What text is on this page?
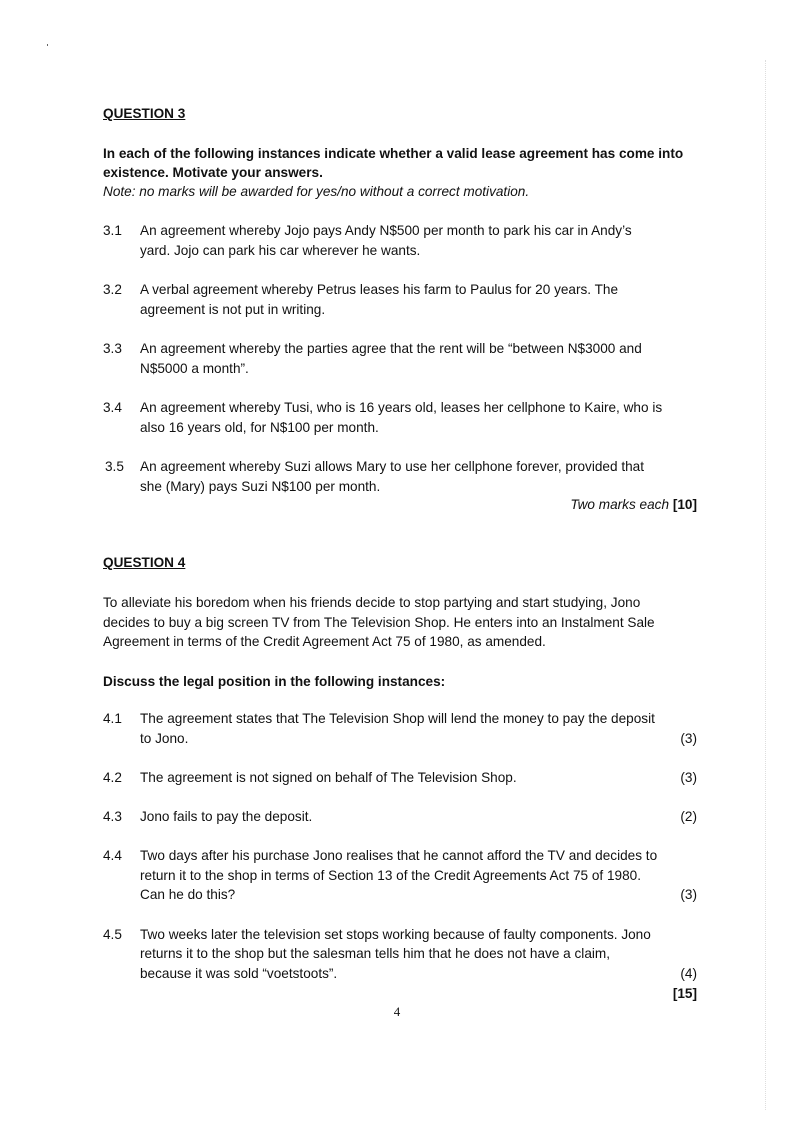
QUESTION 3
In each of the following instances indicate whether a valid lease agreement has come into
existence. Motivate your answers.
Note: no marks will be awarded for yes/no without a correct motivation.
3.1 An agreement whereby Jojo pays Andy N$500 per month to park his car in Andy’s
yard. Jojo can park his car wherever he wants.
3.2 A verbal agreement whereby Petrus leases his farm to Paulus for 20 years. The
agreement is not put in writing.
3.3 An agreement whereby the parties agree that the rent will be “between N$3000 and
N$5000 a month”.
3.4 An agreement whereby Tusi, who is 16 years old, leases her cellphone to Kaire, who is
also 16 years old, for N$100 per month.
3.5 An agreement whereby Suzi allows Mary to use her cellphone forever, provided that
she (Mary) pays Suzi N$100 per month.
Two marks each [10]
QUESTION 4
To alleviate his boredom when his friends decide to stop partying and start studying, Jono
decides to buy a big screen TV from The Television Shop. He enters into an Instalment Sale
Agreement in terms of the Credit Agreement Act 75 of 1980, as amended.
Discuss the legal position in the following instances:
4.1 The agreement states that The Television Shop will lend the money to pay the deposit
to Jono.	(3)
4.2 The agreement is not signed on behalf of The Television Shop.	(3)
4.3 Jono fails to pay the deposit.	(2)
4.4 Two days after his purchase Jono realises that he cannot afford the TV and decides to
return it to the shop in terms of Section 13 of the Credit Agreements Act 75 of 1980.
Can he do this?	(3)
4.5 Two weeks later the television set stops working because of faulty components. Jono
returns it to the shop but the salesman tells him that he does not have a claim,
because it was sold “voetstoots”.	(4)
[15]
4
